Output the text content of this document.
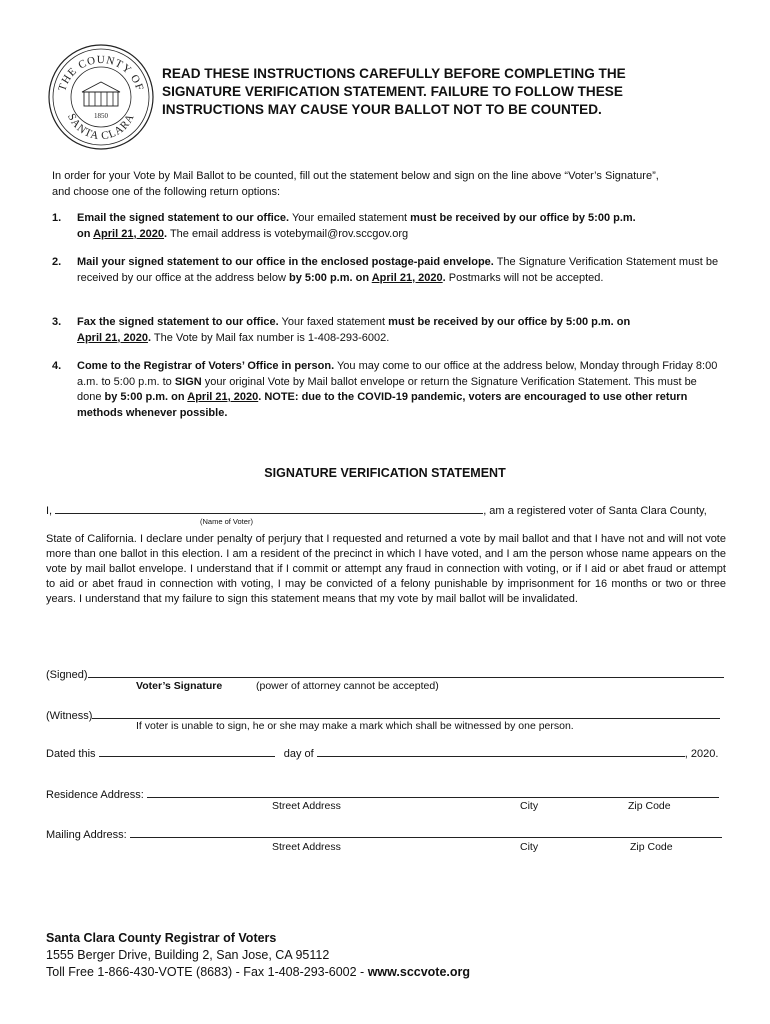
THE COUNTY OF
SANTA CLARA
1850
READ THESE INSTRUCTIONS CAREFULLY BEFORE COMPLETING THE
SIGNATURE VERIFICATION STATEMENT. FAILURE TO FOLLOW THESE
INSTRUCTIONS MAY CAUSE YOUR BALLOT NOT TO BE COUNTED.
In order for your Vote by Mail Ballot to be counted, fill out the statement below and sign on the line above “Voter’s Signature”,
and choose one of the following return options:
1. Email the signed statement to our office. Your emailed statement must be received by our office by 5:00 p.m.
on April 21, 2020. The email address is votebymail@rov.sccgov.org
2. Mail your signed statement to our office in the enclosed postage-paid envelope. The Signature Verification Statement must be received by our office at the address below by 5:00 p.m. on April 21, 2020. Postmarks will not be accepted.
3. Fax the signed statement to our office. Your faxed statement must be received by our office by 5:00 p.m. on
April 21, 2020. The Vote by Mail fax number is 1-408-293-6002.
4. Come to the Registrar of Voters’ Office in person. You may come to our office at the address below, Monday through Friday 8:00 a.m. to 5:00 p.m. to SIGN your original Vote by Mail ballot envelope or return the Signature Verification Statement. This must be done by 5:00 p.m. on April 21, 2020. NOTE: due to the COVID-19 pandemic, voters are encouraged to use other return methods whenever possible.
SIGNATURE VERIFICATION STATEMENT
I,	, am a registered voter of Santa Clara County,
(Name of Voter)
State of California. I declare under penalty of perjury that I requested and returned a vote by mail ballot and that I have not and will not vote more than one ballot in this election. I am a resident of the precinct in which I have voted, and I am the person whose name appears on the vote by mail ballot envelope. I understand that if I commit or attempt any fraud in connection with voting, or if I aid or abet fraud or attempt to aid or abet fraud in connection with voting, I may be convicted of a felony punishable by imprisonment for 16 months or two or three years. I understand that my failure to sign this statement means that my vote by mail ballot will be invalidated.
(Signed)
Voter’s Signature	(power of attorney cannot be accepted)
(Witness)
If voter is unable to sign, he or she may make a mark which shall be witnessed by one person.
Dated this	day of	, 2020.
Residence Address:
Street Address	City	Zip Code
Mailing Address:
Street Address	City	Zip Code
Santa Clara County Registrar of Voters
1555 Berger Drive, Building 2, San Jose, CA 95112
Toll Free 1-866-430-VOTE (8683) - Fax 1-408-293-6002 - www.sccvote.org
